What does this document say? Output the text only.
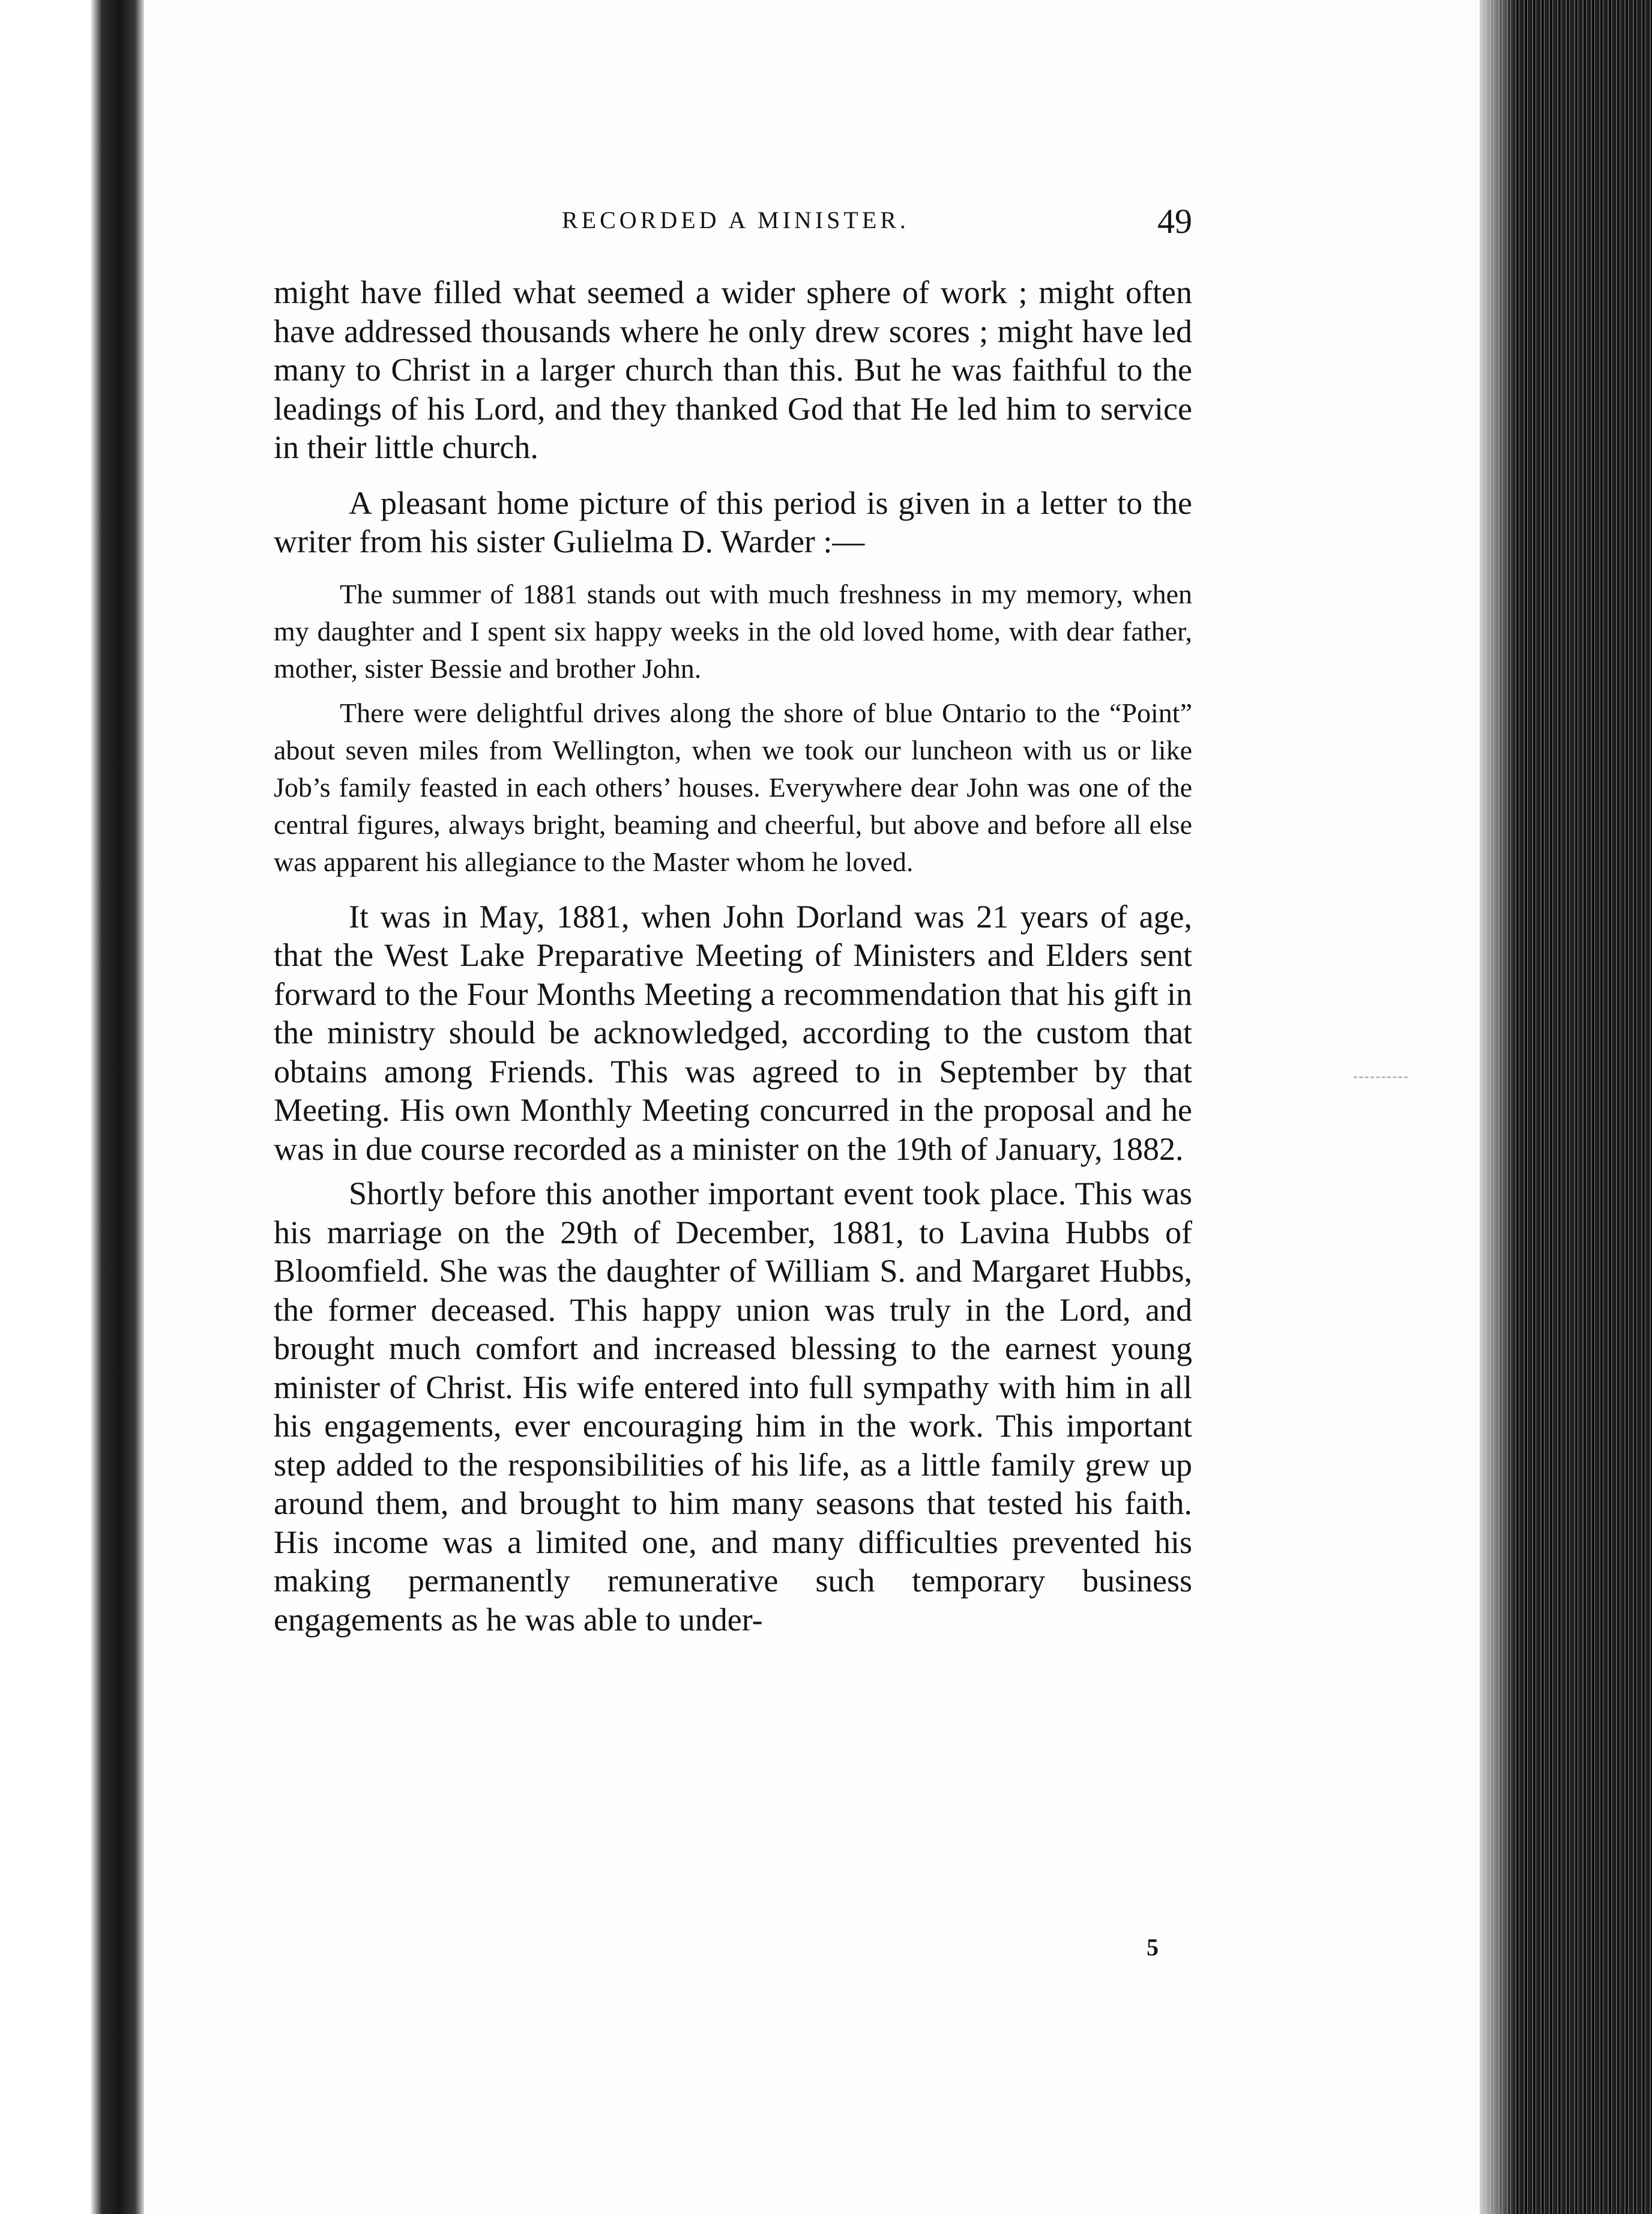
RECORDED A MINISTER.	49

might have filled what seemed a wider sphere of work ; might often have addressed thousands where he only drew scores ; might have led many to Christ in a larger church than this. But he was faithful to the leadings of his Lord, and they thanked God that He led him to service in their little church.

A pleasant home picture of this period is given in a letter to the writer from his sister Gulielma D. Warder :—

The summer of 1881 stands out with much freshness in my memory, when my daughter and I spent six happy weeks in the old loved home, with dear father, mother, sister Bessie and brother John.

There were delightful drives along the shore of blue Ontario to the “Point” about seven miles from Wellington, when we took our luncheon with us or like Job’s family feasted in each others’ houses. Everywhere dear John was one of the central figures, always bright, beaming and cheerful, but above and before all else was apparent his allegiance to the Master whom he loved.

It was in May, 1881, when John Dorland was 21 years of age, that the West Lake Preparative Meeting of Ministers and Elders sent forward to the Four Months Meeting a recommendation that his gift in the ministry should be acknowledged, according to the custom that obtains among Friends. This was agreed to in September by that Meeting. His own Monthly Meeting concurred in the proposal and he was in due course recorded as a minister on the 19th of January, 1882.

Shortly before this another important event took place. This was his marriage on the 29th of December, 1881, to Lavina Hubbs of Bloomfield. She was the daughter of William S. and Margaret Hubbs, the former deceased. This happy union was truly in the Lord, and brought much comfort and increased blessing to the earnest young minister of Christ. His wife entered into full sympathy with him in all his engagements, ever encouraging him in the work. This important step added to the responsibilities of his life, as a little family grew up around them, and brought to him many seasons that tested his faith. His income was a limited one, and many difficulties prevented his making permanently remunerative such temporary business engagements as he was able to under-

5
